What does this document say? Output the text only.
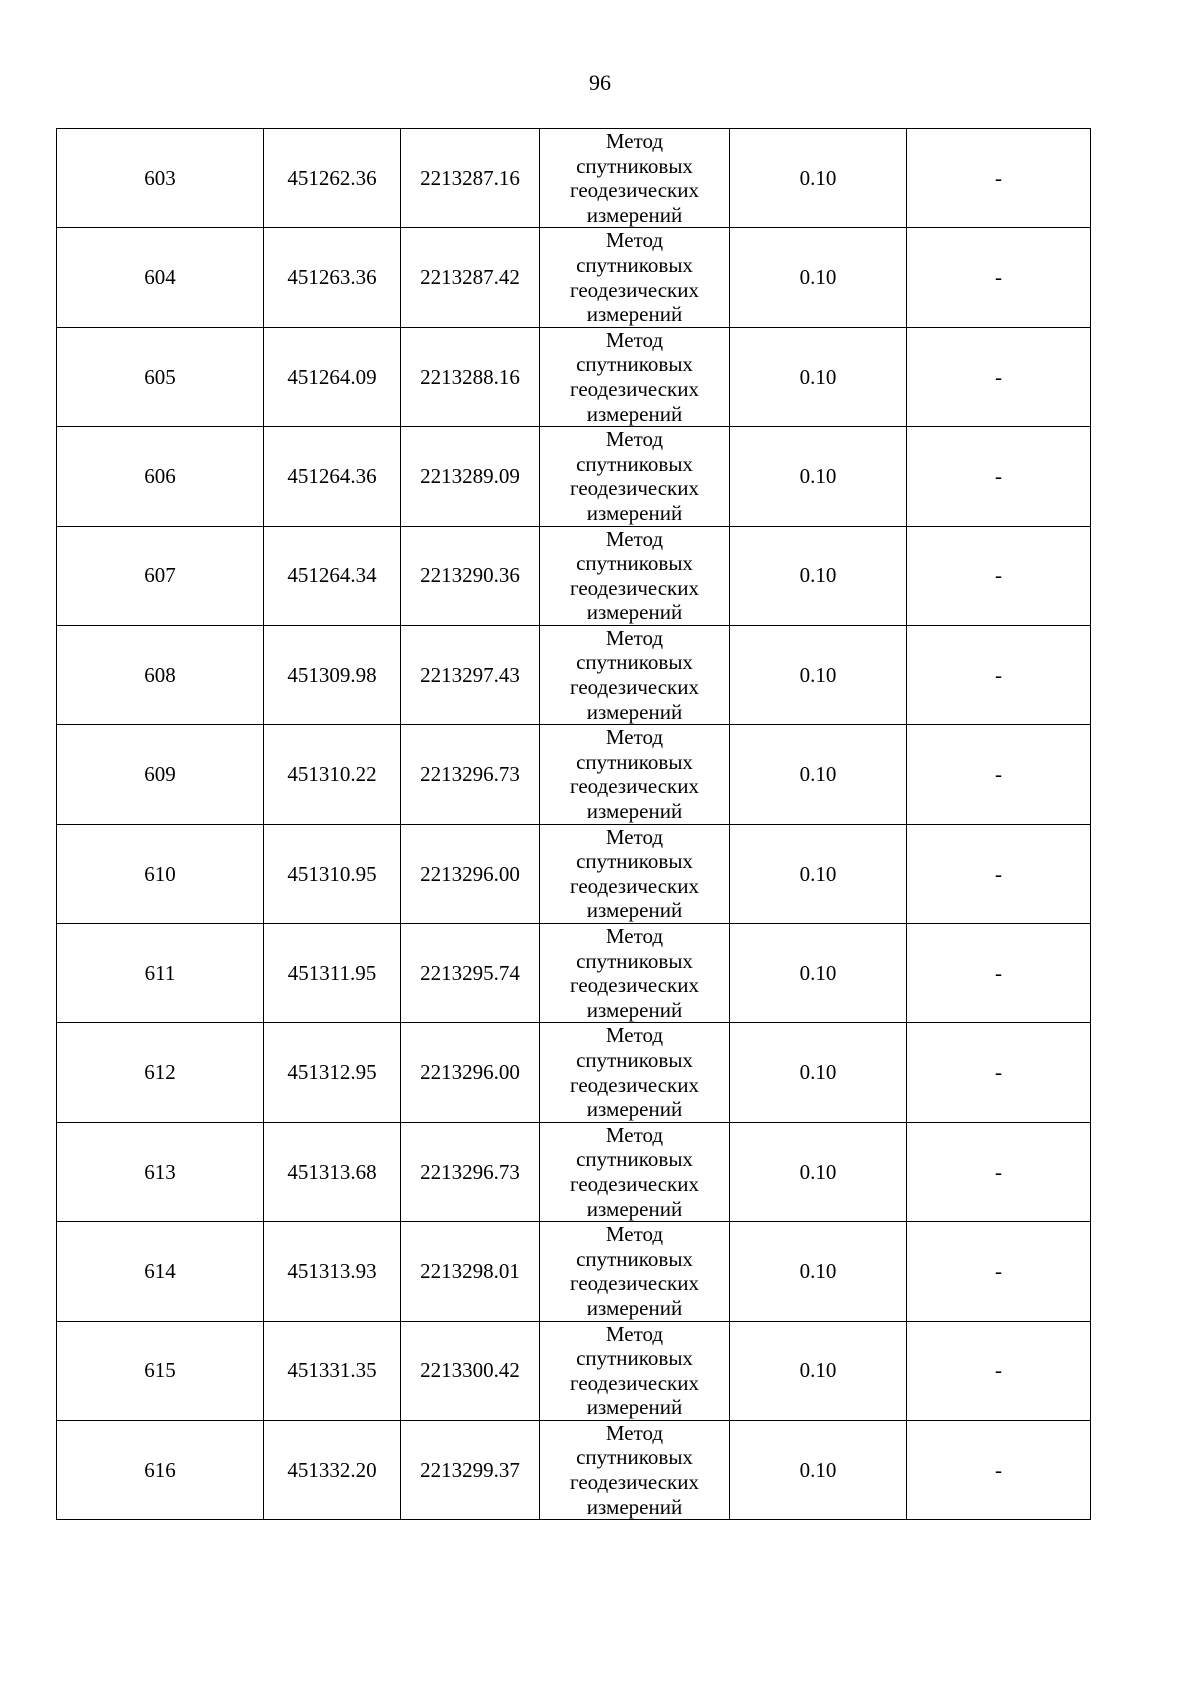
96
603	451262.36	2213287.16	Метод
спутниковых
геодезических
измерений	0.10	-
604	451263.36	2213287.42	Метод
спутниковых
геодезических
измерений	0.10	-
605	451264.09	2213288.16	Метод
спутниковых
геодезических
измерений	0.10	-
606	451264.36	2213289.09	Метод
спутниковых
геодезических
измерений	0.10	-
607	451264.34	2213290.36	Метод
спутниковых
геодезических
измерений	0.10	-
608	451309.98	2213297.43	Метод
спутниковых
геодезических
измерений	0.10	-
609	451310.22	2213296.73	Метод
спутниковых
геодезических
измерений	0.10	-
610	451310.95	2213296.00	Метод
спутниковых
геодезических
измерений	0.10	-
611	451311.95	2213295.74	Метод
спутниковых
геодезических
измерений	0.10	-
612	451312.95	2213296.00	Метод
спутниковых
геодезических
измерений	0.10	-
613	451313.68	2213296.73	Метод
спутниковых
геодезических
измерений	0.10	-
614	451313.93	2213298.01	Метод
спутниковых
геодезических
измерений	0.10	-
615	451331.35	2213300.42	Метод
спутниковых
геодезических
измерений	0.10	-
616	451332.20	2213299.37	Метод
спутниковых
геодезических
измерений	0.10	-
